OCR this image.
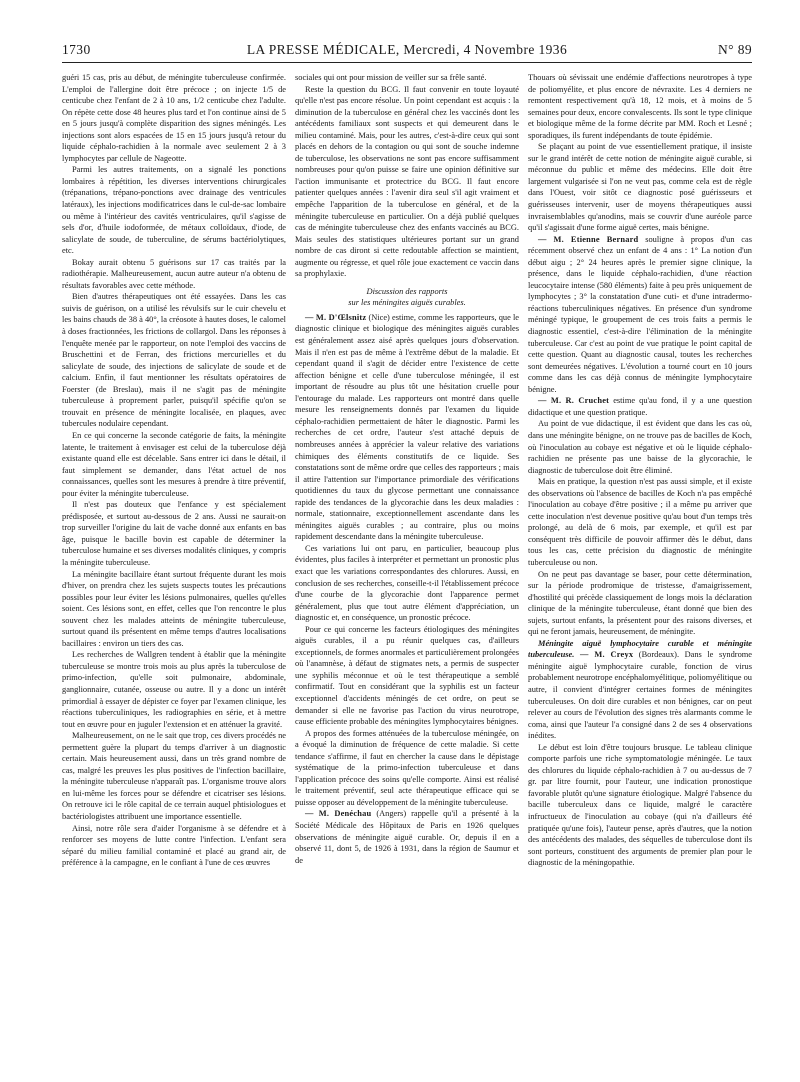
1730	LA PRESSE MÉDICALE, Mercredi, 4 Novembre 1936	N° 89

guéri 15 cas, pris au début, de méningite tuberculeuse confirmée. L'emploi de l'allergine doit être précoce ; on injecte 1/5 de centicube chez l'enfant de 2 à 10 ans, 1/2 centicube chez l'adulte. On répète cette dose 48 heures plus tard et l'on continue ainsi de 5 en 5 jours jusqu'à complète disparition des signes méningés. Les injections sont alors espacées de 15 en 15 jours jusqu'à retour du liquide céphalo-rachidien à la normale avec seulement 2 à 3 lymphocytes par cellule de Nageotte.

Parmi les autres traitements, on a signalé les ponctions lombaires à répétition, les diverses interventions chirurgicales (trépanations, trépano-ponctions avec drainage des ventricules latéraux), les injections modificatrices dans le cul-de-sac lombaire ou même à l'intérieur des cavités ventriculaires, qu'il s'agisse de sels d'or, d'huile iodoformée, de métaux colloïdaux, d'iode, de salicylate de soude, de tuberculine, de sérums bactériolytiques, etc.

Bokay aurait obtenu 5 guérisons sur 17 cas traités par la radiothérapie. Malheureusement, aucun autre auteur n'a obtenu de résultats favorables avec cette méthode.

Bien d'autres thérapeutiques ont été essayées. Dans les cas suivis de guérison, on a utilisé les révulsifs sur le cuir chevelu et les bains chauds de 38 à 40°, la créosote à hautes doses, le calomel à doses fractionnées, les frictions de collargol. Dans les réponses à l'enquête menée par le rapporteur, on note l'emploi des vaccins de Bruschettini et de Ferran, des frictions mercurielles et du salicylate de soude, des injections de salicylate de soude et de calcium. Enfin, il faut mentionner les résultats opératoires de Foerster (de Breslau), mais il ne s'agit pas de méningite tuberculeuse à proprement parler, puisqu'il spécifie qu'on se trouvait en présence de méningite localisée, en plaques, avec tubercules nodulaire cependant.

En ce qui concerne la seconde catégorie de faits, la méningite latente, le traitement à envisager est celui de la tuberculose déjà existante quand elle est décelable. Sans entrer ici dans le détail, il faut simplement se demander, dans l'état actuel de nos connaissances, quelles sont les mesures à prendre à titre préventif, pour éviter la méningite tuberculeuse.

Il n'est pas douteux que l'enfance y est spécialement prédisposée, et surtout au-dessous de 2 ans. Aussi ne saurait-on trop surveiller l'origine du lait de vache donné aux enfants en bas âge, puisque le bacille bovin est capable de déterminer la tuberculose humaine et ses diverses modalités cliniques, y compris la méningite tuberculeuse.

La méningite bacillaire étant surtout fréquente durant les mois d'hiver, on prendra chez les sujets suspects toutes les précautions possibles pour leur éviter les lésions pulmonaires, quelles qu'elles soient. Ces lésions sont, en effet, celles que l'on rencontre le plus souvent chez les malades atteints de méningite tuberculeuse, surtout quand ils présentent en même temps d'autres localisations bacillaires : environ un tiers des cas.

Les recherches de Wallgren tendent à établir que la méningite tuberculeuse se montre trois mois au plus après la tuberculose de primo-infection, qu'elle soit pulmonaire, abdominale, ganglionnaire, cutanée, osseuse ou autre. Il y a donc un intérêt primordial à essayer de dépister ce foyer par l'examen clinique, les réactions tuberculiniques, les radiographies en série, et à mettre tout en œuvre pour en juguler l'extension et en atténuer la gravité.

Malheureusement, on ne le sait que trop, ces divers procédés ne permettent guère la plupart du temps d'arriver à un diagnostic certain. Mais heureusement aussi, dans un très grand nombre de cas, malgré les preuves les plus positives de l'infection bacillaire, la méningite tuberculeuse n'apparaît pas. L'organisme trouve alors en lui-même les forces pour se défendre et cicatriser ses lésions. On retrouve ici le rôle capital de ce terrain auquel phtisiologues et bactériologistes attribuent une importance essentielle.

Ainsi, notre rôle sera d'aider l'organisme à se défendre et à renforcer ses moyens de lutte contre l'infection. L'enfant sera séparé du milieu familial contaminé et placé au grand air, de préférence à la campagne, en le confiant à l'une de ces œuvres

sociales qui ont pour mission de veiller sur sa frêle santé.

Reste la question du BCG. Il faut convenir en toute loyauté qu'elle n'est pas encore résolue. Un point cependant est acquis : la diminution de la tuberculose en général chez les vaccinés dont les antécédents familiaux sont suspects et qui demeurent dans le milieu contaminé. Mais, pour les autres, c'est-à-dire ceux qui sont placés en dehors de la contagion ou qui sont de souche indemne de tuberculose, les observations ne sont pas encore suffisamment nombreuses pour qu'on puisse se faire une opinion définitive sur l'action immunisante et protectrice du BCG. Il faut encore patienter quelques années : l'avenir dira seul s'il agit vraiment et empêche l'apparition de la tuberculose en général, et de la méningite tuberculeuse en particulier. On a déjà publié quelques cas de méningite tuberculeuse chez des enfants vaccinés au BCG. Mais seules des statistiques ultérieures portant sur un grand nombre de cas diront si cette redoutable affection se maintient, augmente ou régresse, et quel rôle joue exactement ce vaccin dans sa prophylaxie.

Discussion des rapports
sur les méningites aiguës curables.

— M. D'Œlsnitz (Nice) estime, comme les rapporteurs, que le diagnostic clinique et biologique des méningites aiguës curables est généralement assez aisé après quelques jours d'observation. Mais il n'en est pas de même à l'extrême début de la maladie. Et cependant quand il s'agit de décider entre l'existence de cette affection bénigne et celle d'une tuberculose méningée, il est important de résoudre au plus tôt une hésitation cruelle pour l'entourage du malade. Les rapporteurs ont montré dans quelle mesure les renseignements donnés par l'examen du liquide céphalo-rachidien permettaient de hâter le diagnostic. Parmi les recherches de cet ordre, l'auteur s'est attaché depuis de nombreuses années à apprécier la valeur relative des variations chimiques des éléments constitutifs de ce liquide. Ses constatations sont de même ordre que celles des rapporteurs ; mais il attire l'attention sur l'importance primordiale des vérifications quotidiennes du taux du glycose permettant une connaissance rapide des tendances de la glycorachie dans les deux maladies : normale, stationnaire, exceptionnellement ascendante dans les méningites aiguës curables ; au contraire, plus ou moins rapidement descendante dans la méningite tuberculeuse.

Ces variations lui ont paru, en particulier, beaucoup plus évidentes, plus faciles à interpréter et permettant un pronostic plus exact que les variations correspondantes des chlorures. Aussi, en conclusion de ses recherches, conseille-t-il l'établissement précoce d'une courbe de la glycorachie dont l'apparence permet généralement, plus que tout autre élément d'appréciation, un diagnostic et, en conséquence, un pronostic précoce.

Pour ce qui concerne les facteurs étiologiques des méningites aiguës curables, il a pu réunir quelques cas, d'ailleurs exceptionnels, de formes anormales et particulièrement prolongées où l'anamnèse, à défaut de stigmates nets, a permis de suspecter une syphilis méconnue et où le test thérapeutique a semblé confirmatif. Tout en considérant que la syphilis est un facteur exceptionnel d'accidents méningés de cet ordre, on peut se demander si elle ne favorise pas l'action du virus neurotrope, cause efficiente probable des méningites lymphocytaires bénignes.

A propos des formes atténuées de la tuberculose méningée, on a évoqué la diminution de fréquence de cette maladie. Si cette tendance s'affirme, il faut en chercher la cause dans le dépistage systématique de la primo-infection tuberculeuse et dans l'application précoce des soins qu'elle comporte. Ainsi est réalisé le traitement préventif, seul acte thérapeutique efficace qui se puisse opposer au développement de la méningite tuberculeuse.

— M. Denéchau (Angers) rappelle qu'il a présenté à la Société Médicale des Hôpitaux de Paris en 1926 quelques observations de méningite aiguë curable. Or, depuis il en a observé 11, dont 5, de 1926 à 1931, dans la région de Saumur et de

Thouars où sévissait une endémie d'affections neurotropes à type de poliomyélite, et plus encore de névraxite. Les 4 derniers ne remontent respectivement qu'à 18, 12 mois, et à moins de 5 semaines pour deux, encore convalescents. Ils sont le type clinique et biologique même de la forme décrite par MM. Roch et Lesné ; sporadiques, ils furent indépendants de toute épidémie.

Se plaçant au point de vue essentiellement pratique, il insiste sur le grand intérêt de cette notion de méningite aiguë curable, si méconnue du public et même des médecins. Elle doit être largement vulgarisée si l'on ne veut pas, comme cela est de règle dans l'Ouest, voir sitôt ce diagnostic posé guérisseurs et guérisseuses intervenir, user de moyens thérapeutiques aussi invraisemblables qu'anodins, mais se couvrir d'une auréole parce qu'il s'agissait d'une forme aiguë certes, mais bénigne.

— M. Etienne Bernard souligne à propos d'un cas récemment observé chez un enfant de 4 ans : 1° La notion d'un début aigu ; 2° 24 heures après le premier signe clinique, la présence, dans le liquide céphalo-rachidien, d'une réaction leucocytaire intense (580 éléments) faite à peu près uniquement de lymphocytes ; 3° la constatation d'une cuti- et d'une intradermo-réactions tuberculiniques négatives. En présence d'un syndrome méningé typique, le groupement de ces trois faits a permis le diagnostic essentiel, c'est-à-dire l'élimination de la méningite tuberculeuse. Car c'est au point de vue pratique le point capital de cette question. Quant au diagnostic causal, toutes les recherches sont demeurées négatives. L'évolution a tourné court en 10 jours comme dans les cas déjà connus de méningite lymphocytaire bénigne.

— M. R. Cruchet estime qu'au fond, il y a une question didactique et une question pratique.

Au point de vue didactique, il est évident que dans les cas où, dans une méningite bénigne, on ne trouve pas de bacilles de Koch, où l'inoculation au cobaye est négative et où le liquide céphalo-rachidien ne présente pas une baisse de la glycorachie, le diagnostic de tuberculose doit être éliminé.

Mais en pratique, la question n'est pas aussi simple, et il existe des observations où l'absence de bacilles de Koch n'a pas empêché l'inoculation au cobaye d'être positive ; il a même pu arriver que cette inoculation n'est devenue positive qu'au bout d'un temps très prolongé, au delà de 6 mois, par exemple, et qu'il est par conséquent très difficile de pouvoir affirmer dès le début, dans tous les cas, cette précision du diagnostic de méningite tuberculeuse ou non.

On ne peut pas davantage se baser, pour cette détermination, sur la période prodromique de tristesse, d'amaigrissement, d'hostilité qui précède classiquement de longs mois la déclaration clinique de la méningite tuberculeuse, étant donné que bien des sujets, surtout enfants, la présentent pour des raisons diverses, et qui ne feront jamais, heureusement, de méningite.

Méningite aiguë lymphocytaire curable et méningite tuberculeuse. — M. Creyx (Bordeaux). Dans le syndrome méningite aiguë lymphocytaire curable, fonction de virus probablement neurotrope encéphalomyélitique, poliomyélitique ou autre, il convient d'intégrer certaines formes de méningites tuberculeuses. On doit dire curables et non bénignes, car on peut relever au cours de l'évolution des signes très alarmants comme le coma, ainsi que l'auteur l'a consigné dans 2 de ses 4 observations inédites.

Le début est loin d'être toujours brusque. Le tableau clinique comporte parfois une riche symptomatologie méningée. Le taux des chlorures du liquide céphalo-rachidien à 7 ou au-dessus de 7 gr. par litre fournit, pour l'auteur, une indication pronostique favorable plutôt qu'une signature étiologique. Malgré l'absence du bacille tuberculeux dans ce liquide, malgré le caractère infructueux de l'inoculation au cobaye (qui n'a d'ailleurs été pratiquée qu'une fois), l'auteur pense, après d'autres, que la notion des antécédents des malades, des séquelles de tuberculose dont ils sont porteurs, constituent des arguments de premier plan pour le diagnostic de la méningopathie.
